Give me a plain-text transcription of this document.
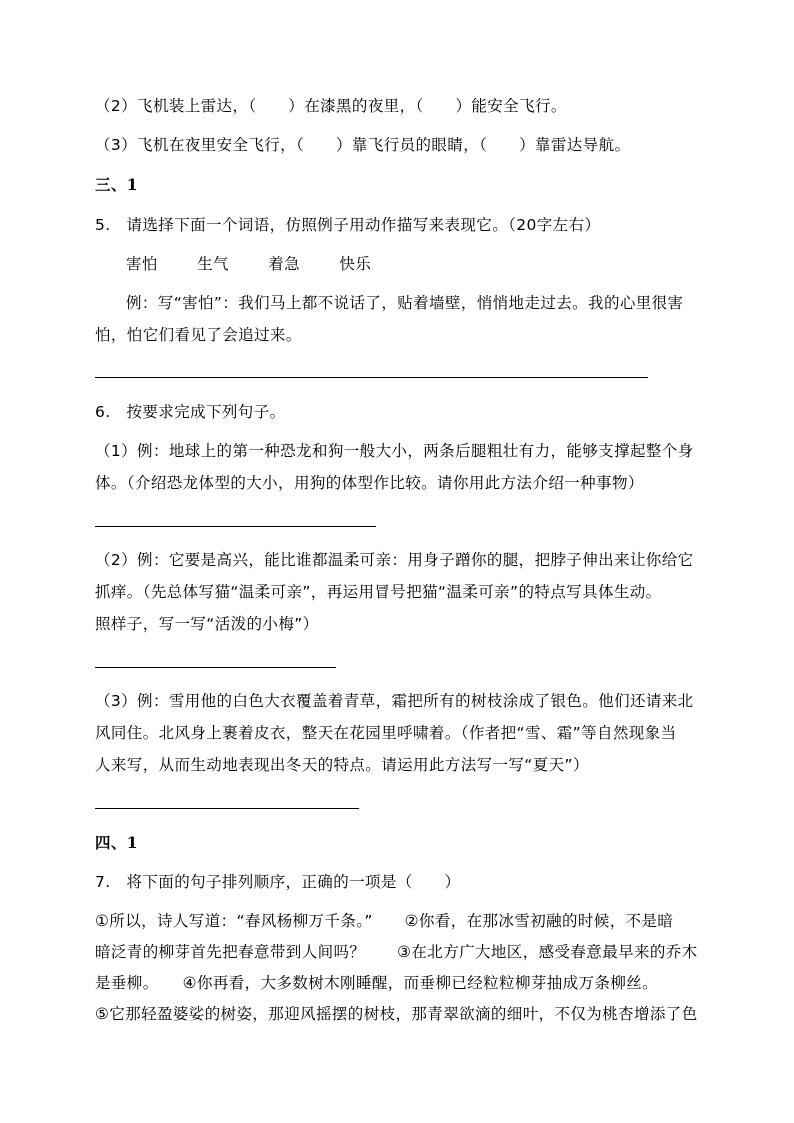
（2）飞机装上雷达，（　　）在漆黑的夜里，（　　）能安全飞行。
（3）飞机在夜里安全飞行，（　　）靠飞行员的眼睛，（　　）靠雷达导航。
三、1
5.　请选择下面一个词语，仿照例子用动作描写来表现它。（20字左右）
害怕	生气	着急	快乐
例：写“害怕”：我们马上都不说话了，贴着墙壁，悄悄地走过去。我的心里很害
怕，怕它们看见了会追过来。
6.　按要求完成下列句子。
（1）例：地球上的第一种恐龙和狗一般大小，两条后腿粗壮有力，能够支撑起整个身
体。（介绍恐龙体型的大小，用狗的体型作比较。请你用此方法介绍一种事物）
（2）例：它要是高兴，能比谁都温柔可亲：用身子蹭你的腿，把脖子伸出来让你给它
抓痒。（先总体写猫“温柔可亲”，再运用冒号把猫“温柔可亲”的特点写具体生动。
照样子，写一写“活泼的小梅”）
（3）例：雪用他的白色大衣覆盖着青草，霜把所有的树枝涂成了银色。他们还请来北
风同住。北风身上裹着皮衣，整天在花园里呼啸着。（作者把“雪、霜”等自然现象当
人来写，从而生动地表现出冬天的特点。请运用此方法写一写“夏天”）
四、1
7.　将下面的句子排列顺序，正确的一项是（　　）
①所以，诗人写道：“春风杨柳万千条。”　　②你看，在那冰雪初融的时候，不是暗
暗泛青的柳芽首先把春意带到人间吗？　　③在北方广大地区，感受春意最早来的乔木
是垂柳。　　④你再看，大多数树木刚睡醒，而垂柳已经粒粒柳芽抽成万条柳丝。
⑤它那轻盈婆娑的树姿，那迎风摇摆的树枝，那青翠欲滴的细叶，不仅为桃杏增添了色
